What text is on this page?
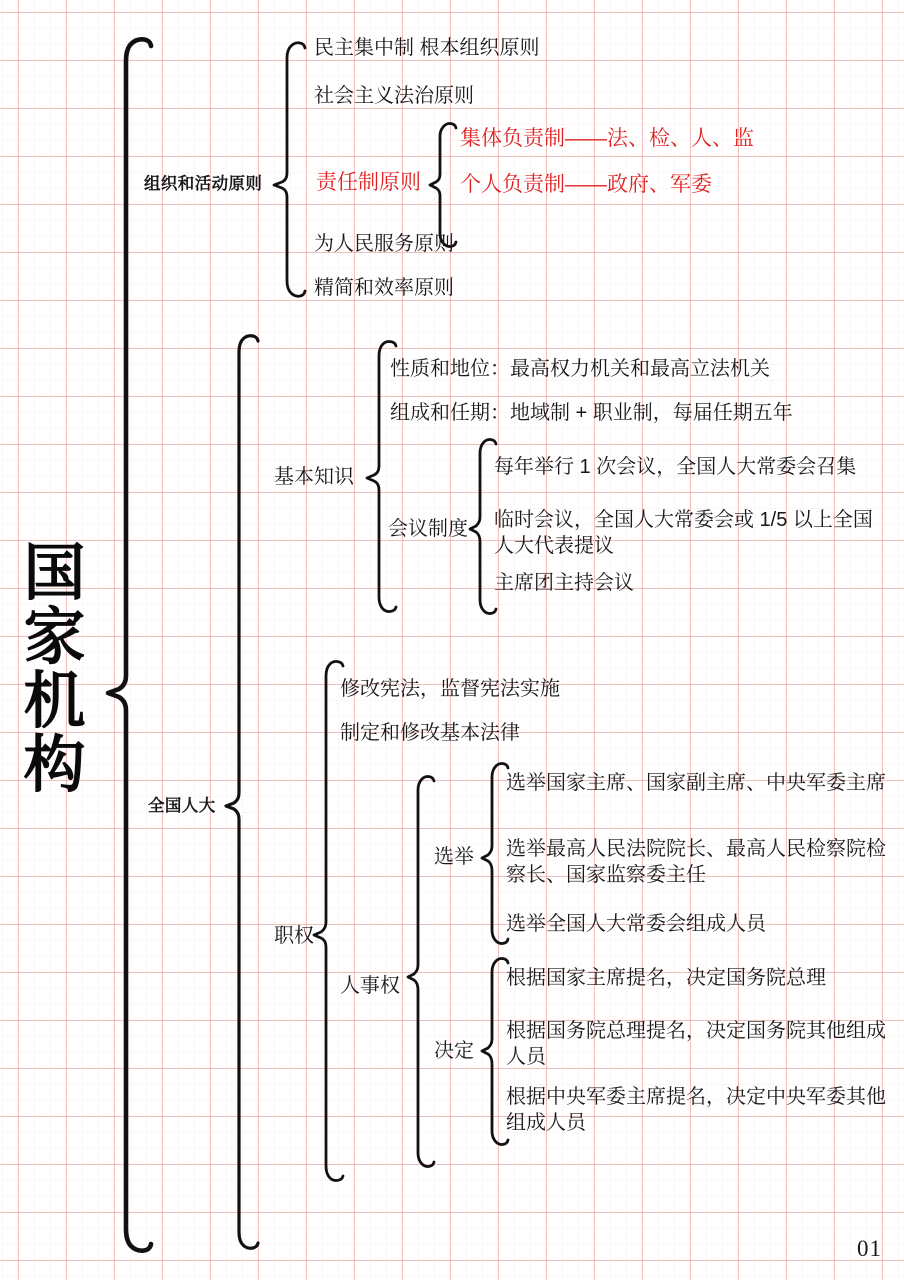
国家机构
组织和活动原则
民主集中制 根本组织原则
社会主义法治原则
责任制原则
集体负责制——法、检、人、监
个人负责制——政府、军委
为人民服务原则
精简和效率原则
全国人大
基本知识
性质和地位：最高权力机关和最高立法机关
组成和任期：地域制 + 职业制，每届任期五年
会议制度
每年举行 1 次会议，全国人大常委会召集
临时会议，全国人大常委会或 1/5 以上全国人大代表提议
主席团主持会议
职权
修改宪法，监督宪法实施
制定和修改基本法律
人事权
选举
选举国家主席、国家副主席、中央军委主席
选举最高人民法院院长、最高人民检察院检察长、国家监察委主任
选举全国人大常委会组成人员
决定
根据国家主席提名，决定国务院总理
根据国务院总理提名，决定国务院其他组成人员
根据中央军委主席提名，决定中央军委其他组成人员
01
